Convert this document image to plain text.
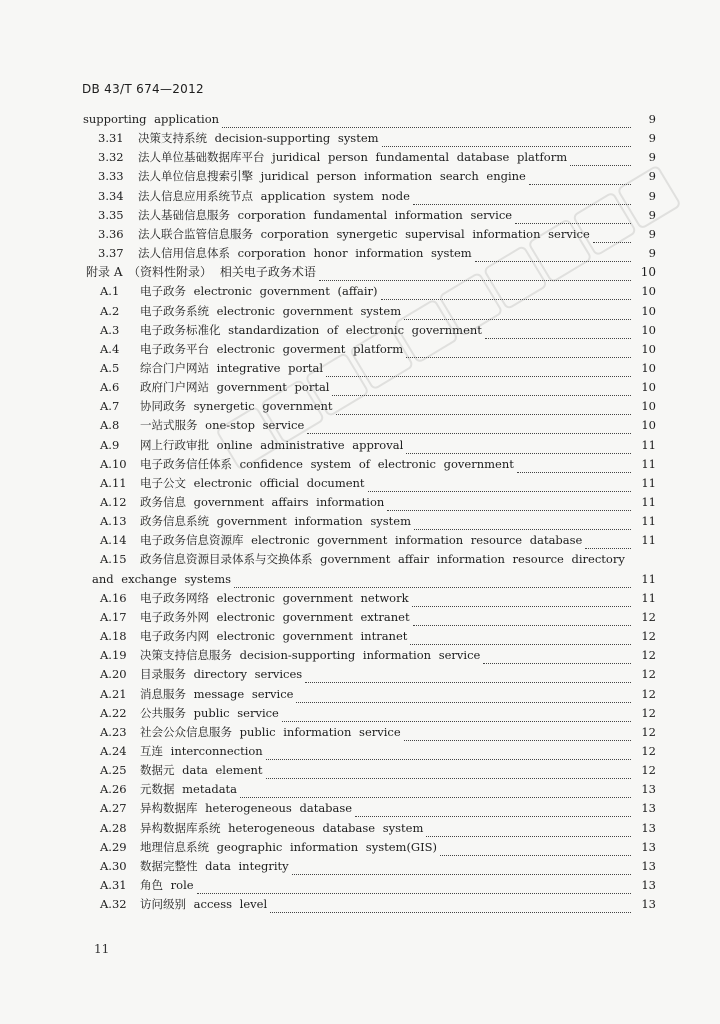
DB 43/T 674—2012
supporting application	9
3.31	决策支持系统 decision-supporting system	9
3.32	法人单位基础数据库平台 juridical person fundamental database platform	9
3.33	法人单位信息搜索引擎 juridical person information search engine	9
3.34	法人信息应用系统节点 application system node	9
3.35	法人基础信息服务 corporation fundamental information service	9
3.36	法人联合监管信息服务 corporation synergetic supervisal information service	9
3.37	法人信用信息体系 corporation honor information system	9
附录 A （资料性附录） 相关电子政务术语	10
A.1	电子政务 electronic government (affair)	10
A.2	电子政务系统 electronic government system	10
A.3	电子政务标准化 standardization of electronic government	10
A.4	电子政务平台 electronic goverment platform	10
A.5	综合门户网站 integrative portal	10
A.6	政府门户网站 government portal	10
A.7	协同政务 synergetic government	10
A.8	一站式服务 one-stop service	10
A.9	网上行政审批 online administrative approval	11
A.10	电子政务信任体系 confidence system of electronic government	11
A.11	电子公文 electronic official document	11
A.12	政务信息 government affairs information	11
A.13	政务信息系统 government information system	11
A.14	电子政务信息资源库 electronic government information resource database	11
A.15	政务信息资源目录体系与交换体系 government affair information resource directory
and exchange systems	11
A.16	电子政务网络 electronic government network	11
A.17	电子政务外网 electronic government extranet	12
A.18	电子政务内网 electronic government intranet	12
A.19	决策支持信息服务 decision-supporting information service	12
A.20	目录服务 directory services	12
A.21	消息服务 message service	12
A.22	公共服务 public service	12
A.23	社会公众信息服务 public information service	12
A.24	互连 interconnection	12
A.25	数据元 data element	12
A.26	元数据 metadata	13
A.27	异构数据库 heterogeneous database	13
A.28	异构数据库系统 heterogeneous database system	13
A.29	地理信息系统 geographic information system(GIS)	13
A.30	数据完整性 data integrity	13
A.31	角色 role	13
A.32	访问级别 access level	13
11
